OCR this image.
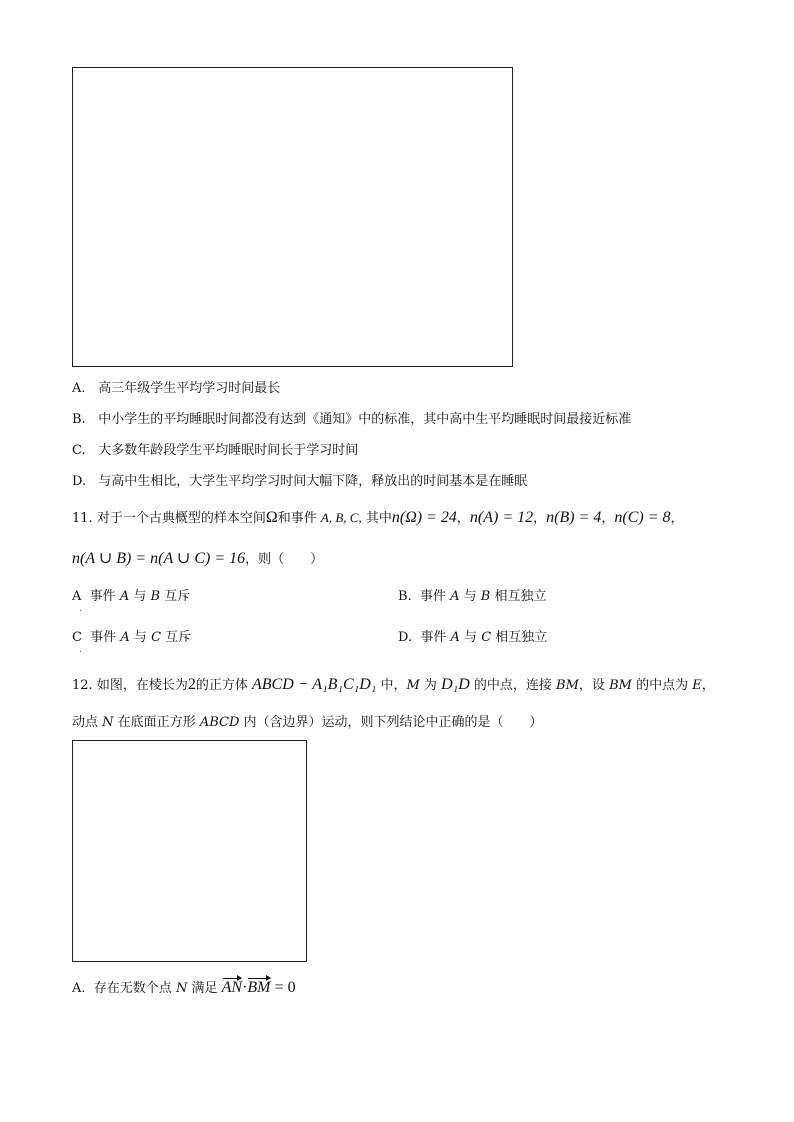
A. 高三年级学生平均学习时间最长
B. 中小学生的平均睡眠时间都没有达到《通知》中的标准，其中高中生平均睡眠时间最接近标准
C. 大多数年龄段学生平均睡眠时间长于学习时间
D. 与高中生相比，大学生平均学习时间大幅下降，释放出的时间基本是在睡眠
11. 对于一个古典概型的样本空间Ω和事件 A, B, C, 其中n(Ω) = 24，n(A) = 12，n(B) = 4，n(C) = 8，
n(A ∪ B) = n(A ∪ C) = 16，则（　　）
A 事件 A 与 B 互斥
.
B. 事件 A 与 B 相互独立
C 事件 A 与 C 互斥
.
D. 事件 A 与 C 相互独立
12. 如图，在棱长为2的正方体 ABCD − A₁B₁C₁D₁ 中，M 为 D₁D 的中点，连接 BM，设 BM 的中点为 E，
动点 N 在底面正方形 ABCD 内（含边界）运动，则下列结论中正确的是（　　）
A. 存在无数个点 N 满足 AN·BM = 0
